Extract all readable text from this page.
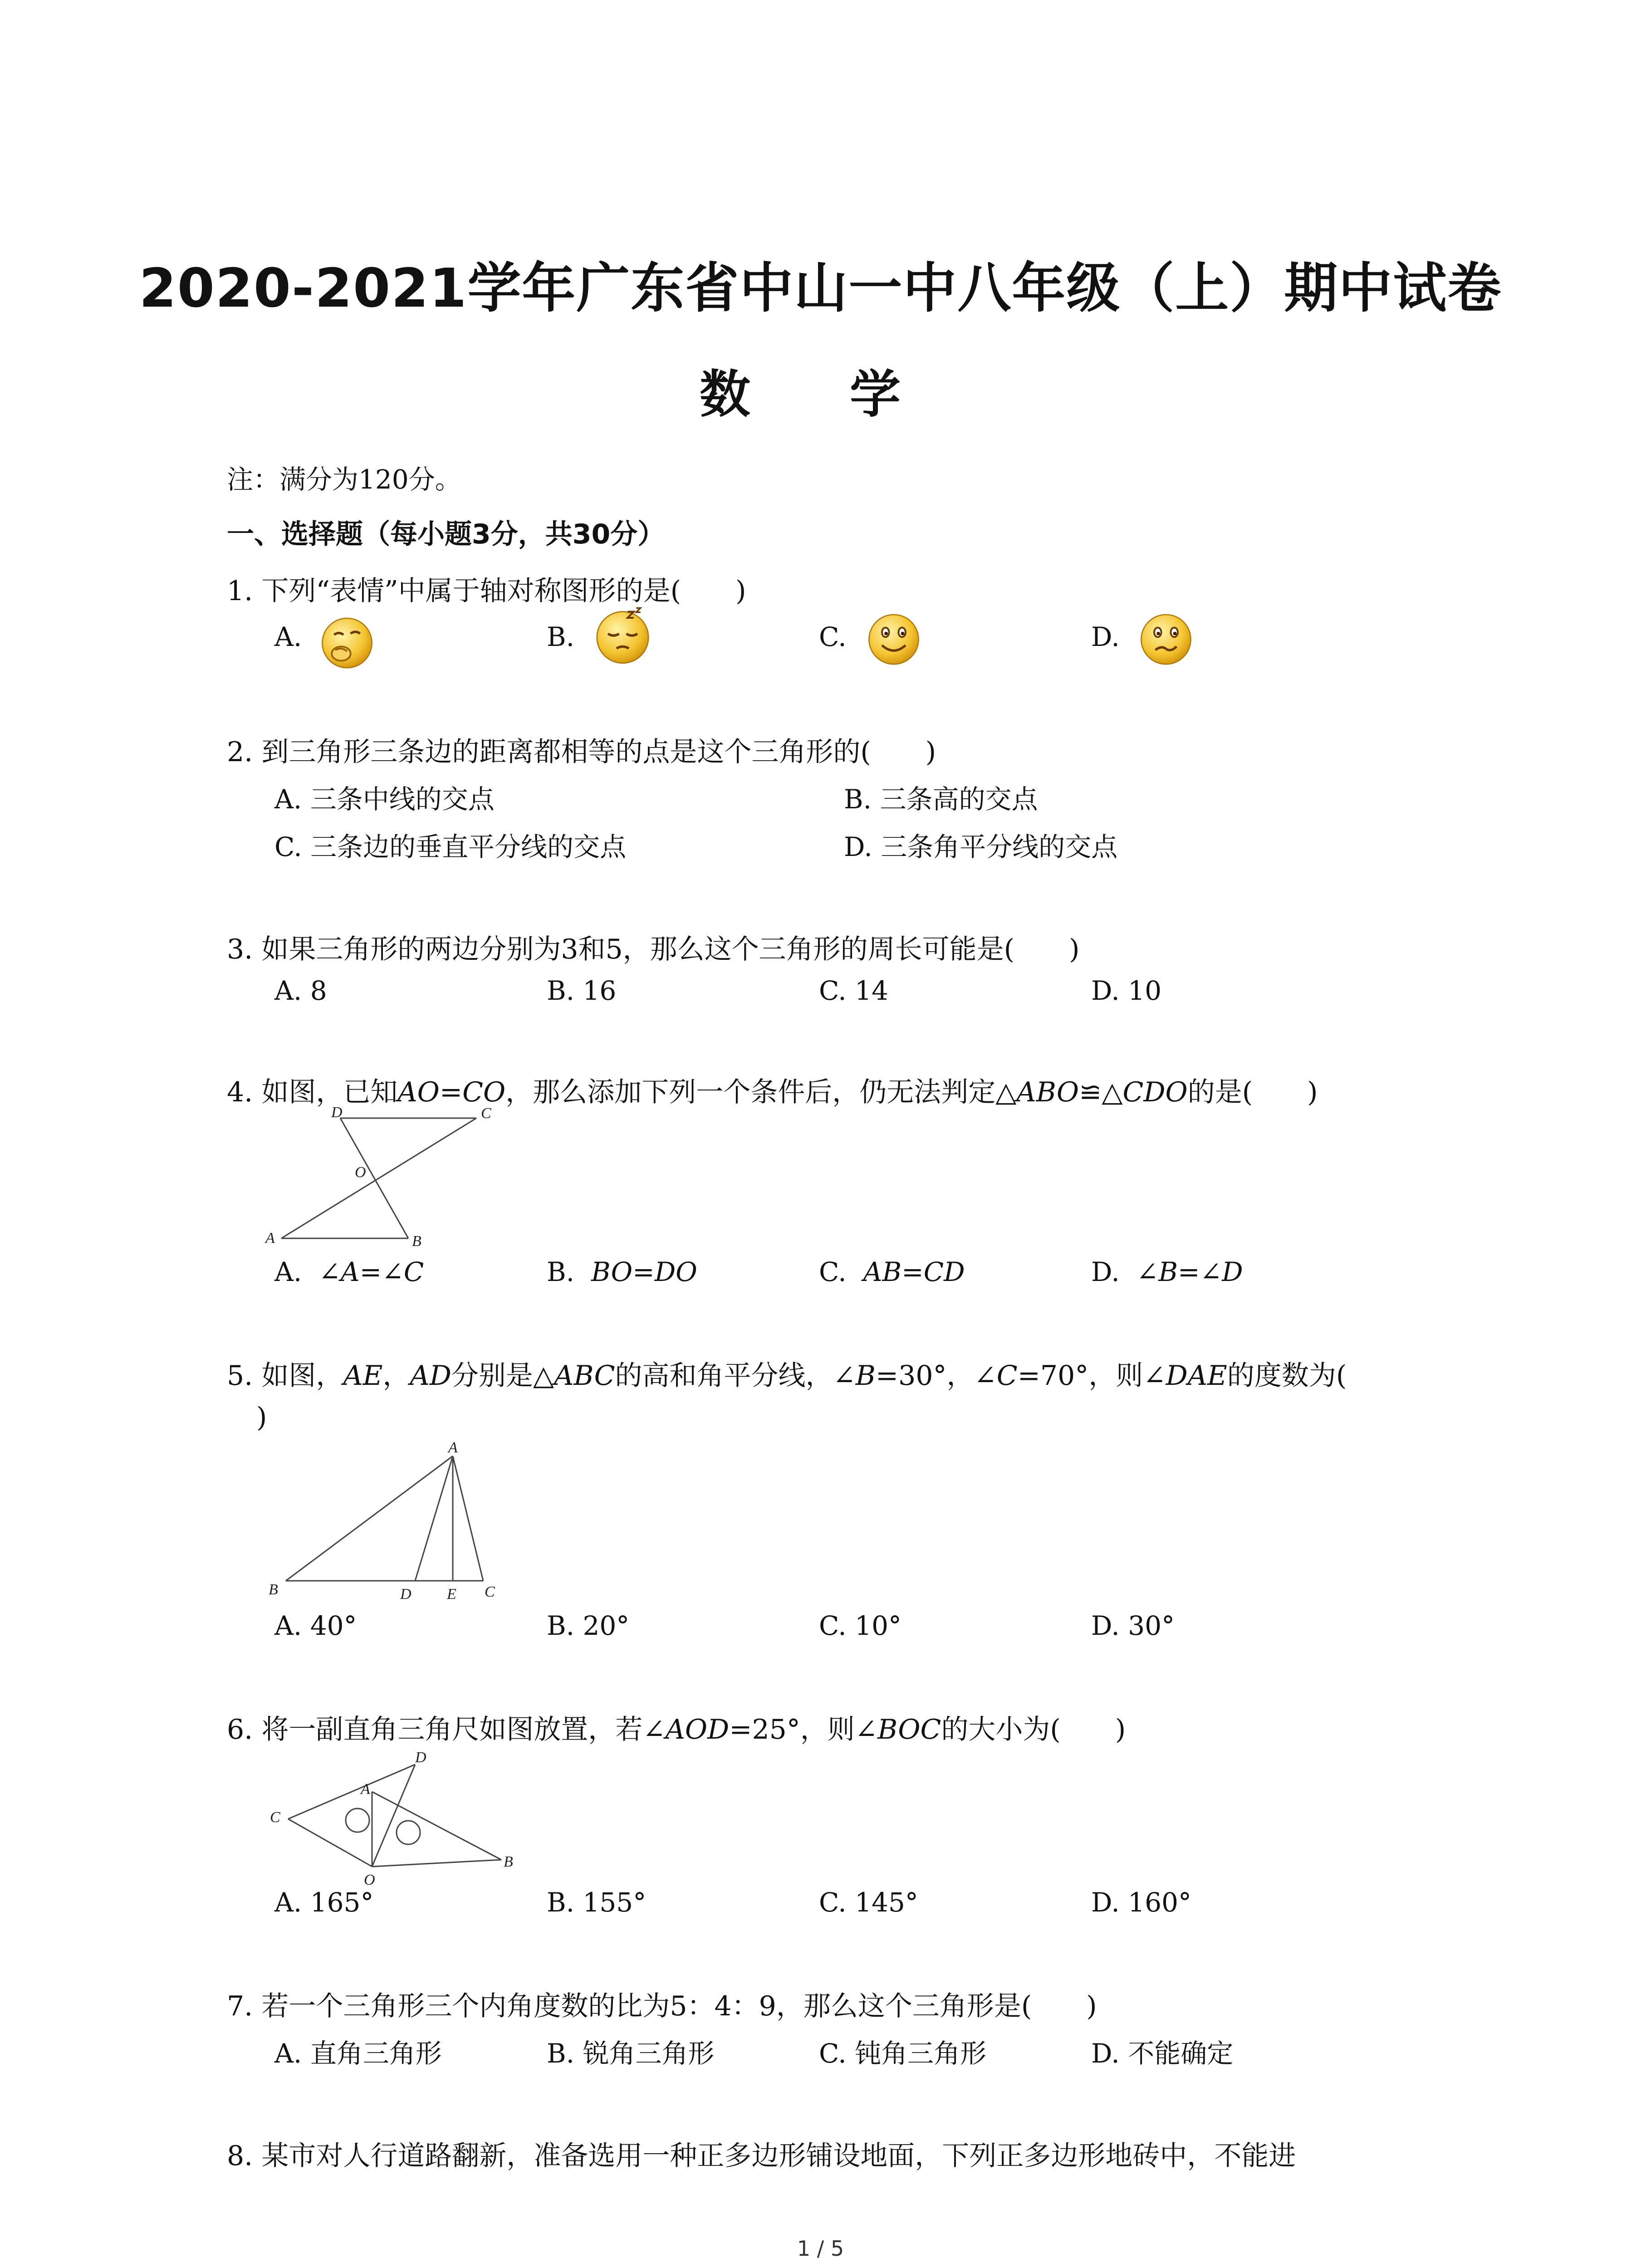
2020-2021学年广东省中山一中八年级（上）期中试卷
数 学
注：满分为120分。
一、选择题（每小题3分，共30分）
1. 下列“表情”中属于轴对称图形的是(　　)
A.	B.	C.	D.
2. 到三角形三条边的距离都相等的点是这个三角形的(　　)
A. 三条中线的交点	B. 三条高的交点
C. 三条边的垂直平分线的交点	D. 三条角平分线的交点
3. 如果三角形的两边分别为3和5，那么这个三角形的周长可能是(　　)
A. 8	B. 16	C. 14	D. 10
4. 如图，已知AO=CO，那么添加下列一个条件后，仍无法判定△ABO≌△CDO的是(　　)
D	C
O
A	B
A. ∠A=∠C	B. BO=DO	C. AB=CD	D. ∠B=∠D
5. 如图，AE，AD分别是△ABC的高和角平分线，∠B=30°，∠C=70°，则∠DAE的度数为(
)
A
B	D E C
A. 40°	B. 20°	C. 10°	D. 30°
6. 将一副直角三角尺如图放置，若∠AOD=25°，则∠BOC的大小为(　　)
D
A
C
O
B
A. 165°	B. 155°	C. 145°	D. 160°
7. 若一个三角形三个内角度数的比为5：4：9，那么这个三角形是(　　)
A. 直角三角形	B. 锐角三角形	C. 钝角三角形	D. 不能确定
8. 某市对人行道路翻新，准备选用一种正多边形铺设地面，下列正多边形地砖中，不能进
1 / 5
